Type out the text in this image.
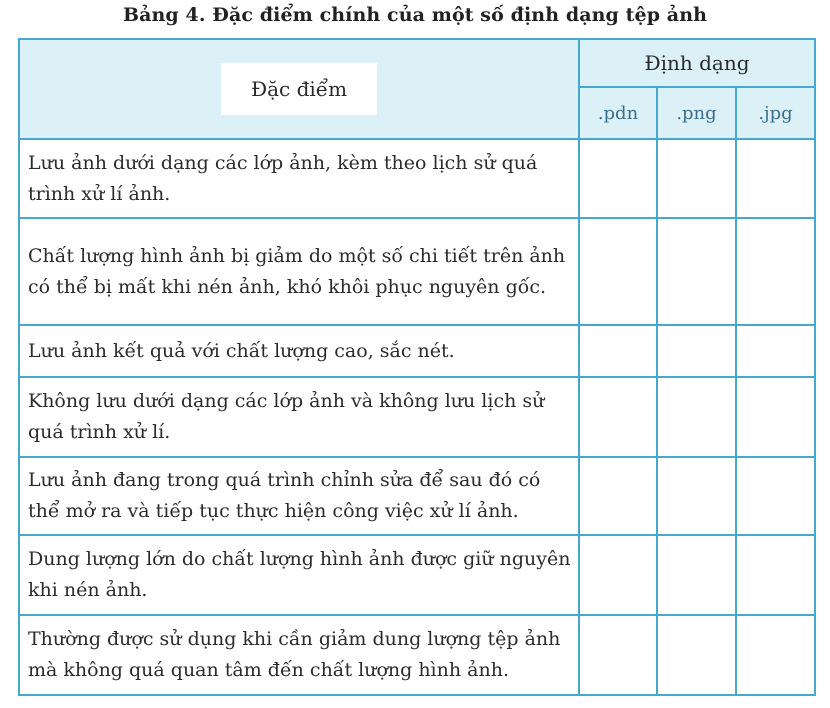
Bảng 4. Đặc điểm chính của một số định dạng tệp ảnh
Đặc điểm	Định dạng		
	.pdn	.png	.jpg
Lưu ảnh dưới dạng các lớp ảnh, kèm theo lịch sử quá trình xử lí ảnh.			
Chất lượng hình ảnh bị giảm do một số chi tiết trên ảnh có thể bị mất khi nén ảnh, khó khôi phục nguyên gốc.			
Lưu ảnh kết quả với chất lượng cao, sắc nét.			
Không lưu dưới dạng các lớp ảnh và không lưu lịch sử quá trình xử lí.			
Lưu ảnh đang trong quá trình chỉnh sửa để sau đó có thể mở ra và tiếp tục thực hiện công việc xử lí ảnh.			
Dung lượng lớn do chất lượng hình ảnh được giữ nguyên khi nén ảnh.			
Thường được sử dụng khi cần giảm dung lượng tệp ảnh mà không quá quan tâm đến chất lượng hình ảnh.			
